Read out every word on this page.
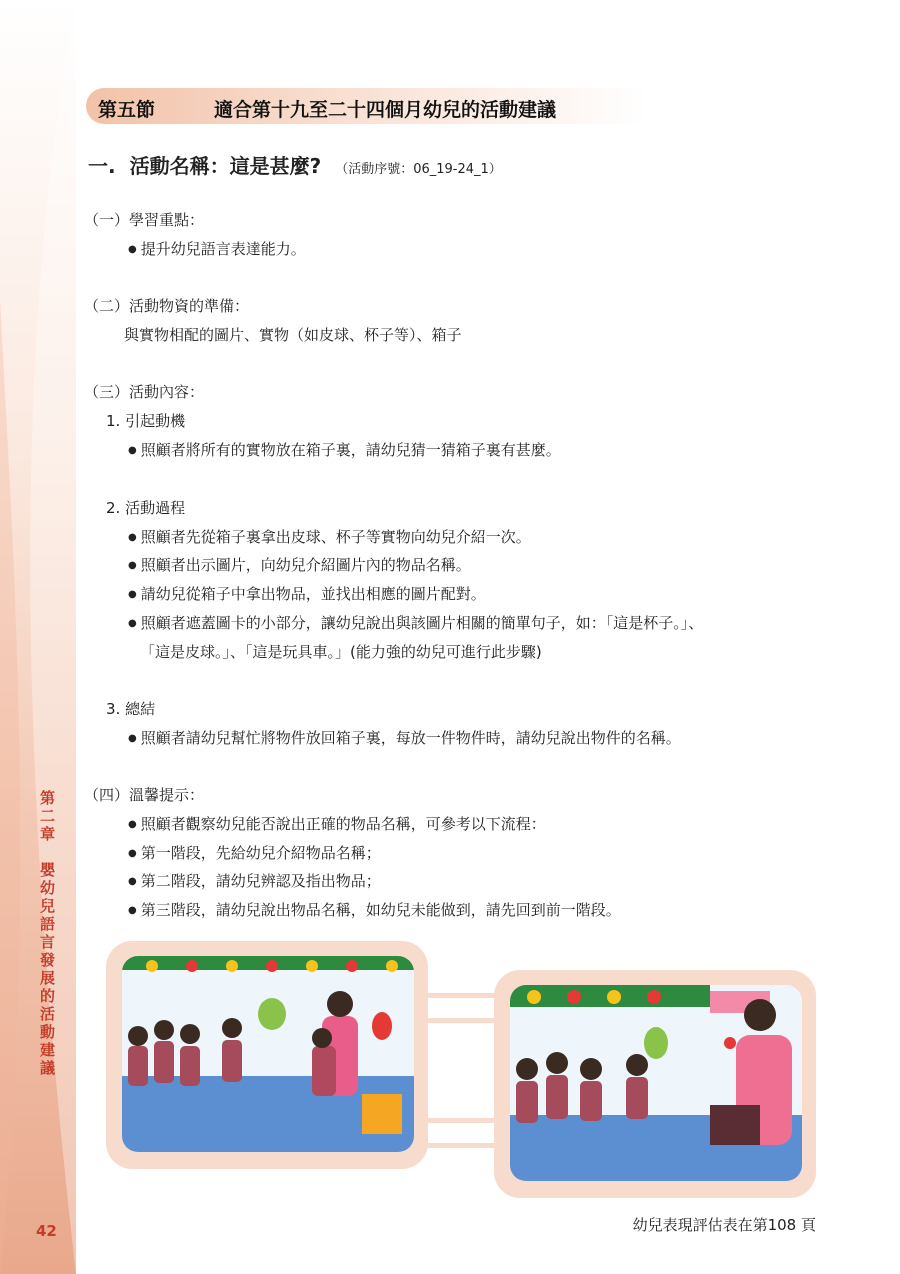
第二章　嬰幼兒語言發展的活動建議
42
第五節	適合第十九至二十四個月幼兒的活動建議
一. 活動名稱：這是甚麼? （活動序號：06_19-24_1）
（一）學習重點：
● 提升幼兒語言表達能力。
（二）活動物資的準備：
與實物相配的圖片、實物（如皮球、杯子等）、箱子
（三）活動內容：
1. 引起動機
● 照顧者將所有的實物放在箱子裏，請幼兒猜一猜箱子裏有甚麼。
2. 活動過程
● 照顧者先從箱子裏拿出皮球、杯子等實物向幼兒介紹一次。
● 照顧者出示圖片，向幼兒介紹圖片內的物品名稱。
● 請幼兒從箱子中拿出物品，並找出相應的圖片配對。
● 照顧者遮蓋圖卡的小部分，讓幼兒說出與該圖片相關的簡單句子，如：「這是杯子。」、
「這是皮球。」、「這是玩具車。」(能力強的幼兒可進行此步驟)
3. 總結
● 照顧者請幼兒幫忙將物件放回箱子裏，每放一件物件時，請幼兒說出物件的名稱。
（四）溫馨提示：
● 照顧者觀察幼兒能否說出正確的物品名稱，可參考以下流程：
● 第一階段，先給幼兒介紹物品名稱；
● 第二階段，請幼兒辨認及指出物品；
● 第三階段，請幼兒說出物品名稱，如幼兒未能做到，請先回到前一階段。
幼兒表現評估表在第108 頁
